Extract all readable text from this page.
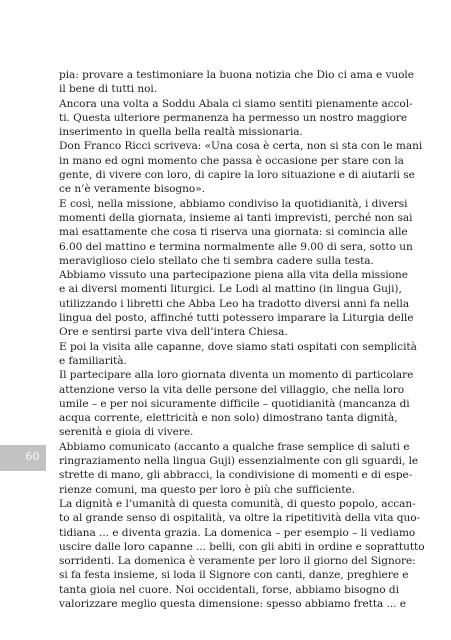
pia: provare a testimoniare la buona notizia che Dio ci ama e vuole
il bene di tutti noi.
Ancora una volta a Soddu Abala ci siamo sentiti pienamente accol-
ti. Questa ulteriore permanenza ha permesso un nostro maggiore
inserimento in quella bella realtà missionaria.
Don Franco Ricci scriveva: «Una cosa è certa, non si sta con le mani
in mano ed ogni momento che passa è occasione per stare con la
gente, di vivere con loro, di capire la loro situazione e di aiutarli se
ce n’è veramente bisogno».
E così, nella missione, abbiamo condiviso la quotidianità, i diversi
momenti della giornata, insieme ai tanti imprevisti, perché non sai
mai esattamente che cosa ti riserva una giornata: si comincia alle
6.00 del mattino e termina normalmente alle 9.00 di sera, sotto un
meraviglioso cielo stellato che ti sembra cadere sulla testa.
Abbiamo vissuto una partecipazione piena alla vita della missione
e ai diversi momenti liturgici. Le Lodi al mattino (in lingua Guji),
utilizzando i libretti che Abba Leo ha tradotto diversi anni fa nella
lingua del posto, affinché tutti potessero imparare la Liturgia delle
Ore e sentirsi parte viva dell’intera Chiesa.
E poi la visita alle capanne, dove siamo stati ospitati con semplicità
e familiarità.
Il partecipare alla loro giornata diventa un momento di particolare
attenzione verso la vita delle persone del villaggio, che nella loro
umile – e per noi sicuramente difficile – quotidianità (mancanza di
acqua corrente, elettricità e non solo) dimostrano tanta dignità,
serenità e gioia di vivere.
Abbiamo comunicato (accanto a qualche frase semplice di saluti e
ringraziamento nella lingua Guji) essenzialmente con gli sguardi, le
strette di mano, gli abbracci, la condivisione di momenti e di espe-
rienze comuni, ma questo per loro è più che sufficiente.
La dignità e l’umanità di questa comunità, di questo popolo, accan-
to al grande senso di ospitalità, va oltre la ripetitività della vita quo-
tidiana ... e diventa grazia. La domenica – per esempio – li vediamo
uscire dalle loro capanne ... belli, con gli abiti in ordine e soprattutto
sorridenti. La domenica è veramente per loro il giorno del Signore:
si fa festa insieme, si loda il Signore con canti, danze, preghiere e
tanta gioia nel cuore. Noi occidentali, forse, abbiamo bisogno di
valorizzare meglio questa dimensione: spesso abbiamo fretta ... e
60
